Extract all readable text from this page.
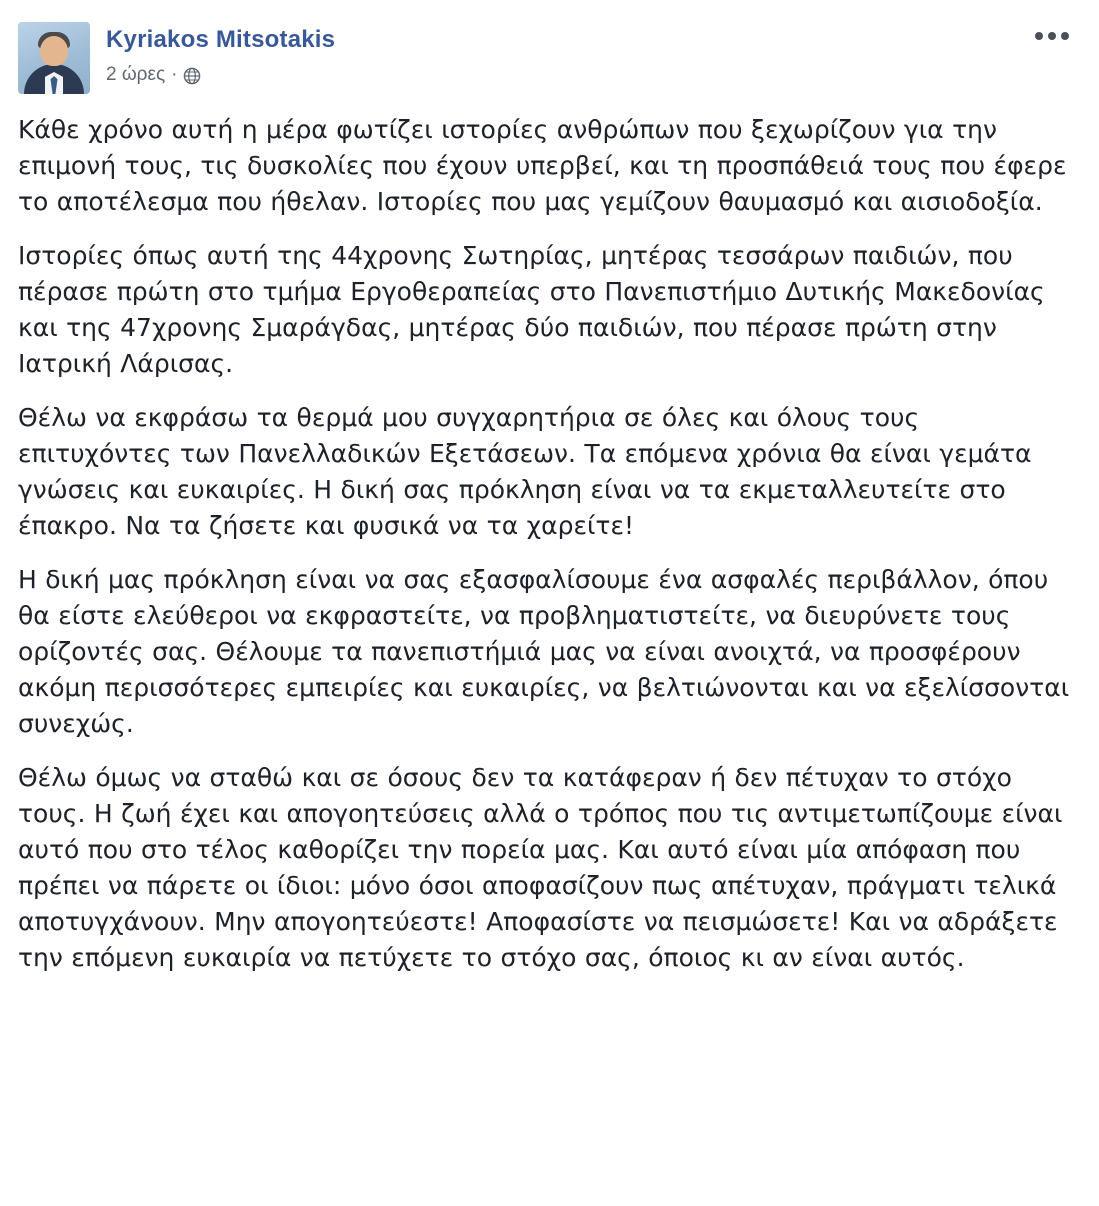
Kyriakos Mitsotakis
2 ώρες ·

Κάθε χρόνο αυτή η μέρα φωτίζει ιστορίες ανθρώπων που ξεχωρίζουν για την επιμονή τους, τις δυσκολίες που έχουν υπερβεί, και τη προσπάθειά τους που έφερε το αποτέλεσμα που ήθελαν. Ιστορίες που μας γεμίζουν θαυμασμό και αισιοδοξία.

Ιστορίες όπως αυτή της 44χρονης Σωτηρίας, μητέρας τεσσάρων παιδιών, που πέρασε πρώτη στο τμήμα Εργοθεραπείας στο Πανεπιστήμιο Δυτικής Μακεδονίας και της 47χρονης Σμαράγδας, μητέρας δύο παιδιών, που πέρασε πρώτη στην Ιατρική Λάρισας.

Θέλω να εκφράσω τα θερμά μου συγχαρητήρια σε όλες και όλους τους επιτυχόντες των Πανελλαδικών Εξετάσεων. Τα επόμενα χρόνια θα είναι γεμάτα γνώσεις και ευκαιρίες. Η δική σας πρόκληση είναι να τα εκμεταλλευτείτε στο έπακρο. Να τα ζήσετε και φυσικά να τα χαρείτε!

Η δική μας πρόκληση είναι να σας εξασφαλίσουμε ένα ασφαλές περιβάλλον, όπου θα είστε ελεύθεροι να εκφραστείτε, να προβληματιστείτε, να διευρύνετε τους ορίζοντές σας. Θέλουμε τα πανεπιστήμιά μας να είναι ανοιχτά, να προσφέρουν ακόμη περισσότερες εμπειρίες και ευκαιρίες, να βελτιώνονται και να εξελίσσονται συνεχώς.

Θέλω όμως να σταθώ και σε όσους δεν τα κατάφεραν ή δεν πέτυχαν το στόχο τους. Η ζωή έχει και απογοητεύσεις αλλά ο τρόπος που τις αντιμετωπίζουμε είναι αυτό που στο τέλος καθορίζει την πορεία μας. Και αυτό είναι μία απόφαση που πρέπει να πάρετε οι ίδιοι: μόνο όσοι αποφασίζουν πως απέτυχαν, πράγματι τελικά αποτυγχάνουν. Μην απογοητεύεστε! Αποφασίστε να πεισμώσετε! Και να αδράξετε την επόμενη ευκαιρία να πετύχετε το στόχο σας, όποιος κι αν είναι αυτός.
